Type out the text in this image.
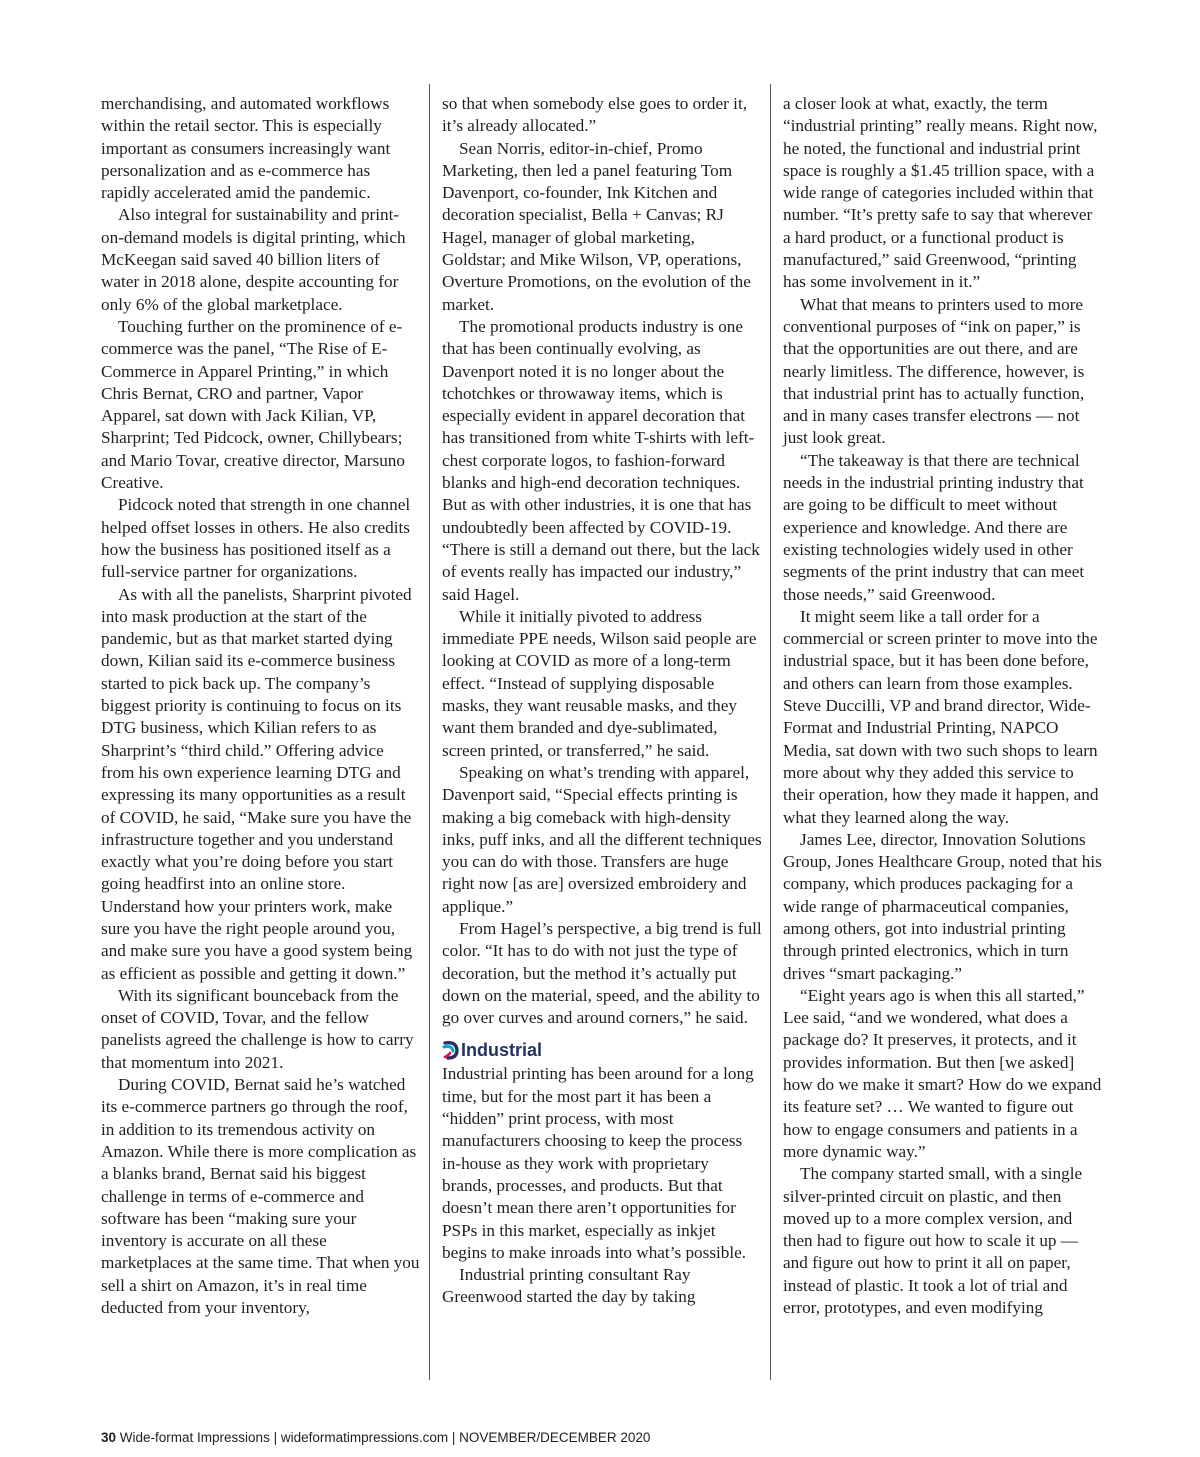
merchandising, and automated workflows within the retail sector. This is especially important as consumers increasingly want personalization and as e-commerce has rapidly accelerated amid the pandemic.

Also integral for sustainability and print-on-demand models is digital printing, which McKeegan said saved 40 billion liters of water in 2018 alone, despite accounting for only 6% of the global marketplace.

Touching further on the prominence of e-commerce was the panel, “The Rise of E-Commerce in Apparel Printing,” in which Chris Bernat, CRO and partner, Vapor Apparel, sat down with Jack Kilian, VP, Sharprint; Ted Pidcock, owner, Chillybears; and Mario Tovar, creative director, Marsuno Creative.

Pidcock noted that strength in one channel helped offset losses in others. He also credits how the business has positioned itself as a full-service partner for organizations.

As with all the panelists, Sharprint pivoted into mask production at the start of the pandemic, but as that market started dying down, Kilian said its e-commerce business started to pick back up. The company’s biggest priority is continuing to focus on its DTG business, which Kilian refers to as Sharprint’s “third child.” Offering advice from his own experience learning DTG and expressing its many opportunities as a result of COVID, he said, “Make sure you have the infrastructure together and you understand exactly what you’re doing before you start going headfirst into an online store. Understand how your printers work, make sure you have the right people around you, and make sure you have a good system being as efficient as possible and getting it down.”

With its significant bounceback from the onset of COVID, Tovar, and the fellow panelists agreed the challenge is how to carry that momentum into 2021.

During COVID, Bernat said he’s watched its e-commerce partners go through the roof, in addition to its tremendous activity on Amazon. While there is more complication as a blanks brand, Bernat said his biggest challenge in terms of e-commerce and software has been “making sure your inventory is accurate on all these marketplaces at the same time. That when you sell a shirt on Amazon, it’s in real time deducted from your inventory,

so that when somebody else goes to order it, it’s already allocated.”

Sean Norris, editor-in-chief, Promo Marketing, then led a panel featuring Tom Davenport, co-founder, Ink Kitchen and decoration specialist, Bella + Canvas; RJ Hagel, manager of global marketing, Goldstar; and Mike Wilson, VP, operations, Overture Promotions, on the evolution of the market.

The promotional products industry is one that has been continually evolving, as Davenport noted it is no longer about the tchotchkes or throwaway items, which is especially evident in apparel decoration that has transitioned from white T-shirts with left-chest corporate logos, to fashion-forward blanks and high-end decoration techniques. But as with other industries, it is one that has undoubtedly been affected by COVID-19. “There is still a demand out there, but the lack of events really has impacted our industry,” said Hagel.

While it initially pivoted to address immediate PPE needs, Wilson said people are looking at COVID as more of a long-term effect. “Instead of supplying disposable masks, they want reusable masks, and they want them branded and dye-sublimated, screen printed, or transferred,” he said.

Speaking on what’s trending with apparel, Davenport said, “Special effects printing is making a big comeback with high-density inks, puff inks, and all the different techniques you can do with those. Transfers are huge right now [as are] oversized embroidery and applique.”

From Hagel’s perspective, a big trend is full color. “It has to do with not just the type of decoration, but the method it’s actually put down on the material, speed, and the ability to go over curves and around corners,” he said.

Industrial

Industrial printing has been around for a long time, but for the most part it has been a “hidden” print process, with most manufacturers choosing to keep the process in-house as they work with proprietary brands, processes, and products. But that doesn’t mean there aren’t opportunities for PSPs in this market, especially as inkjet begins to make inroads into what’s possible.

Industrial printing consultant Ray Greenwood started the day by taking

a closer look at what, exactly, the term “industrial printing” really means. Right now, he noted, the functional and industrial print space is roughly a $1.45 trillion space, with a wide range of categories included within that number. “It’s pretty safe to say that wherever a hard product, or a functional product is manufactured,” said Greenwood, “printing has some involvement in it.”

What that means to printers used to more conventional purposes of “ink on paper,” is that the opportunities are out there, and are nearly limitless. The difference, however, is that industrial print has to actually function, and in many cases transfer electrons — not just look great.

“The takeaway is that there are technical needs in the industrial printing industry that are going to be difficult to meet without experience and knowledge. And there are existing technologies widely used in other segments of the print industry that can meet those needs,” said Greenwood.

It might seem like a tall order for a commercial or screen printer to move into the industrial space, but it has been done before, and others can learn from those examples. Steve Duccilli, VP and brand director, Wide-Format and Industrial Printing, NAPCO Media, sat down with two such shops to learn more about why they added this service to their operation, how they made it happen, and what they learned along the way.

James Lee, director, Innovation Solutions Group, Jones Healthcare Group, noted that his company, which produces packaging for a wide range of pharmaceutical companies, among others, got into industrial printing through printed electronics, which in turn drives “smart packaging.”

“Eight years ago is when this all started,” Lee said, “and we wondered, what does a package do? It preserves, it protects, and it provides information. But then [we asked] how do we make it smart? How do we expand its feature set? … We wanted to figure out how to engage consumers and patients in a more dynamic way.”

The company started small, with a single silver-printed circuit on plastic, and then moved up to a more complex version, and then had to figure out how to scale it up — and figure out how to print it all on paper, instead of plastic. It took a lot of trial and error, prototypes, and even modifying

30 Wide-format Impressions | wideformatimpressions.com | NOVEMBER/DECEMBER 2020
